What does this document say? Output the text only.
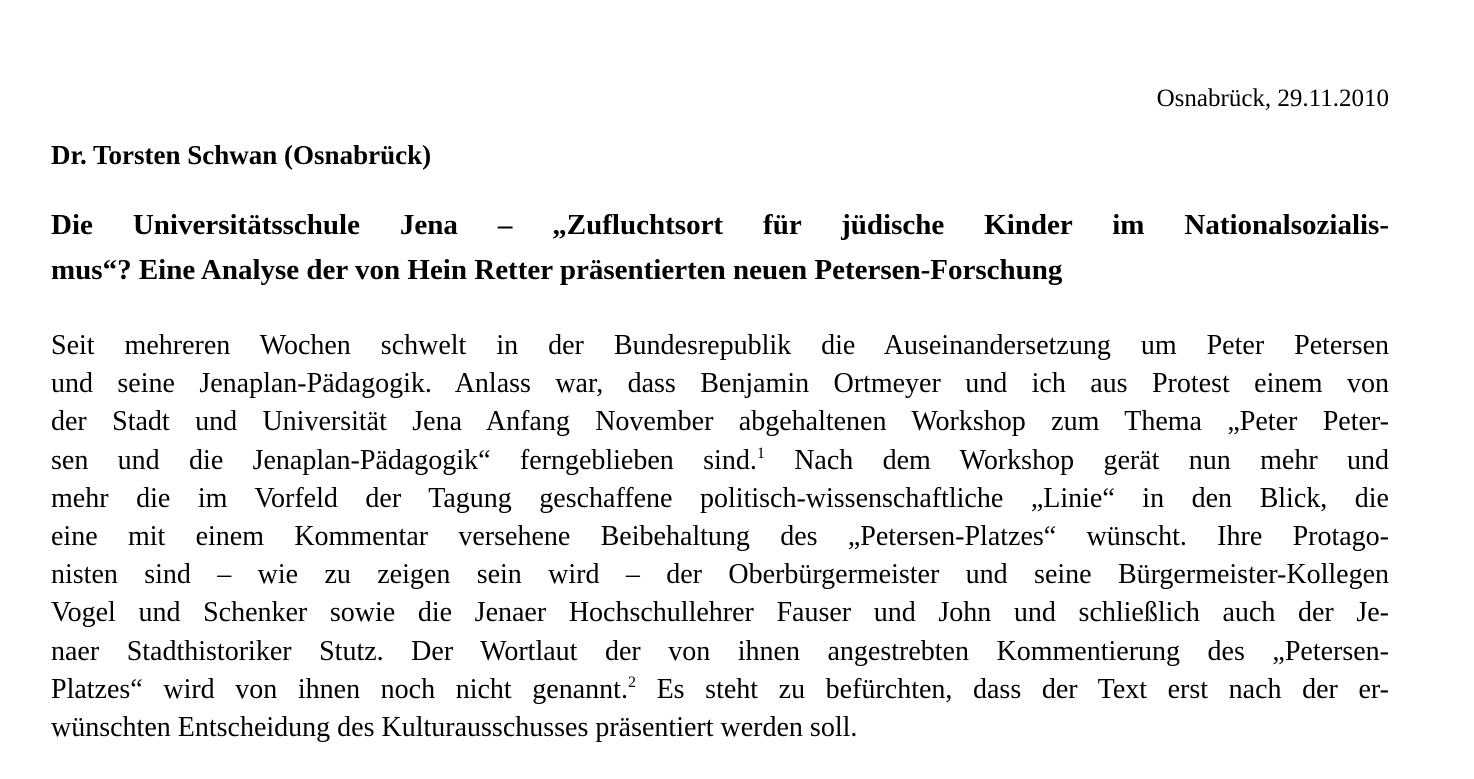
Osnabrück, 29.11.2010
Dr. Torsten Schwan (Osnabrück)
Die Universitätsschule Jena – „Zufluchtsort für jüdische Kinder im Nationalsozialis-
mus“? Eine Analyse der von Hein Retter präsentierten neuen Petersen-Forschung
Seit mehreren Wochen schwelt in der Bundesrepublik die Auseinandersetzung um Peter Petersen
und seine Jenaplan-Pädagogik. Anlass war, dass Benjamin Ortmeyer und ich aus Protest einem von
der Stadt und Universität Jena Anfang November abgehaltenen Workshop zum Thema „Peter Peter-
sen und die Jenaplan-Pädagogik“ ferngeblieben sind.$^1$ Nach dem Workshop gerät nun mehr und
mehr die im Vorfeld der Tagung geschaffene politisch-wissenschaftliche „Linie“ in den Blick, die
eine mit einem Kommentar versehene Beibehaltung des „Petersen-Platzes“ wünscht. Ihre Protago-
nisten sind – wie zu zeigen sein wird – der Oberbürgermeister und seine Bürgermeister-Kollegen
Vogel und Schenker sowie die Jenaer Hochschullehrer Fauser und John und schließlich auch der Je-
naer Stadthistoriker Stutz. Der Wortlaut der von ihnen angestrebten Kommentierung des „Petersen-
Platzes“ wird von ihnen noch nicht genannt.$^2$ Es steht zu befürchten, dass der Text erst nach der er-
wünschten Entscheidung des Kulturausschusses präsentiert werden soll.
